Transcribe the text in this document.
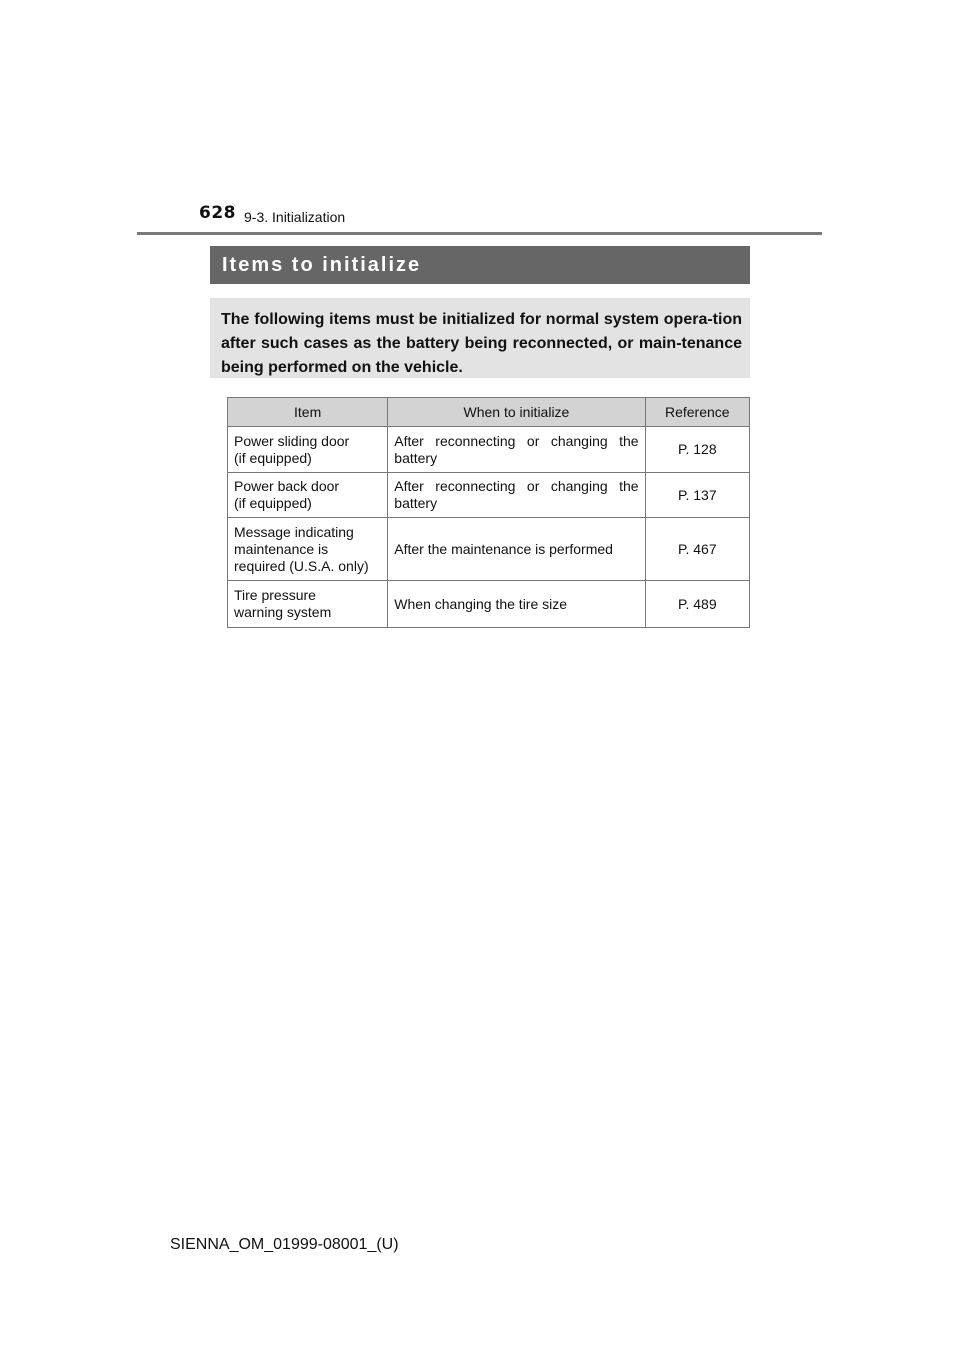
628 9-3. Initialization
Items to initialize
The following items must be initialized for normal system opera-tion after such cases as the battery being reconnected, or main-tenance being performed on the vehicle.
Item	When to initialize	Reference

Power sliding door
(if equipped)	After reconnecting or changing the battery	P. 128

Power back door
(if equipped)	After reconnecting or changing the battery	P. 137

Message indicating
maintenance is
required (U.S.A. only)	After the maintenance is performed	P. 467

Tire pressure
warning system	When changing the tire size	P. 489
SIENNA_OM_01999-08001_(U)
